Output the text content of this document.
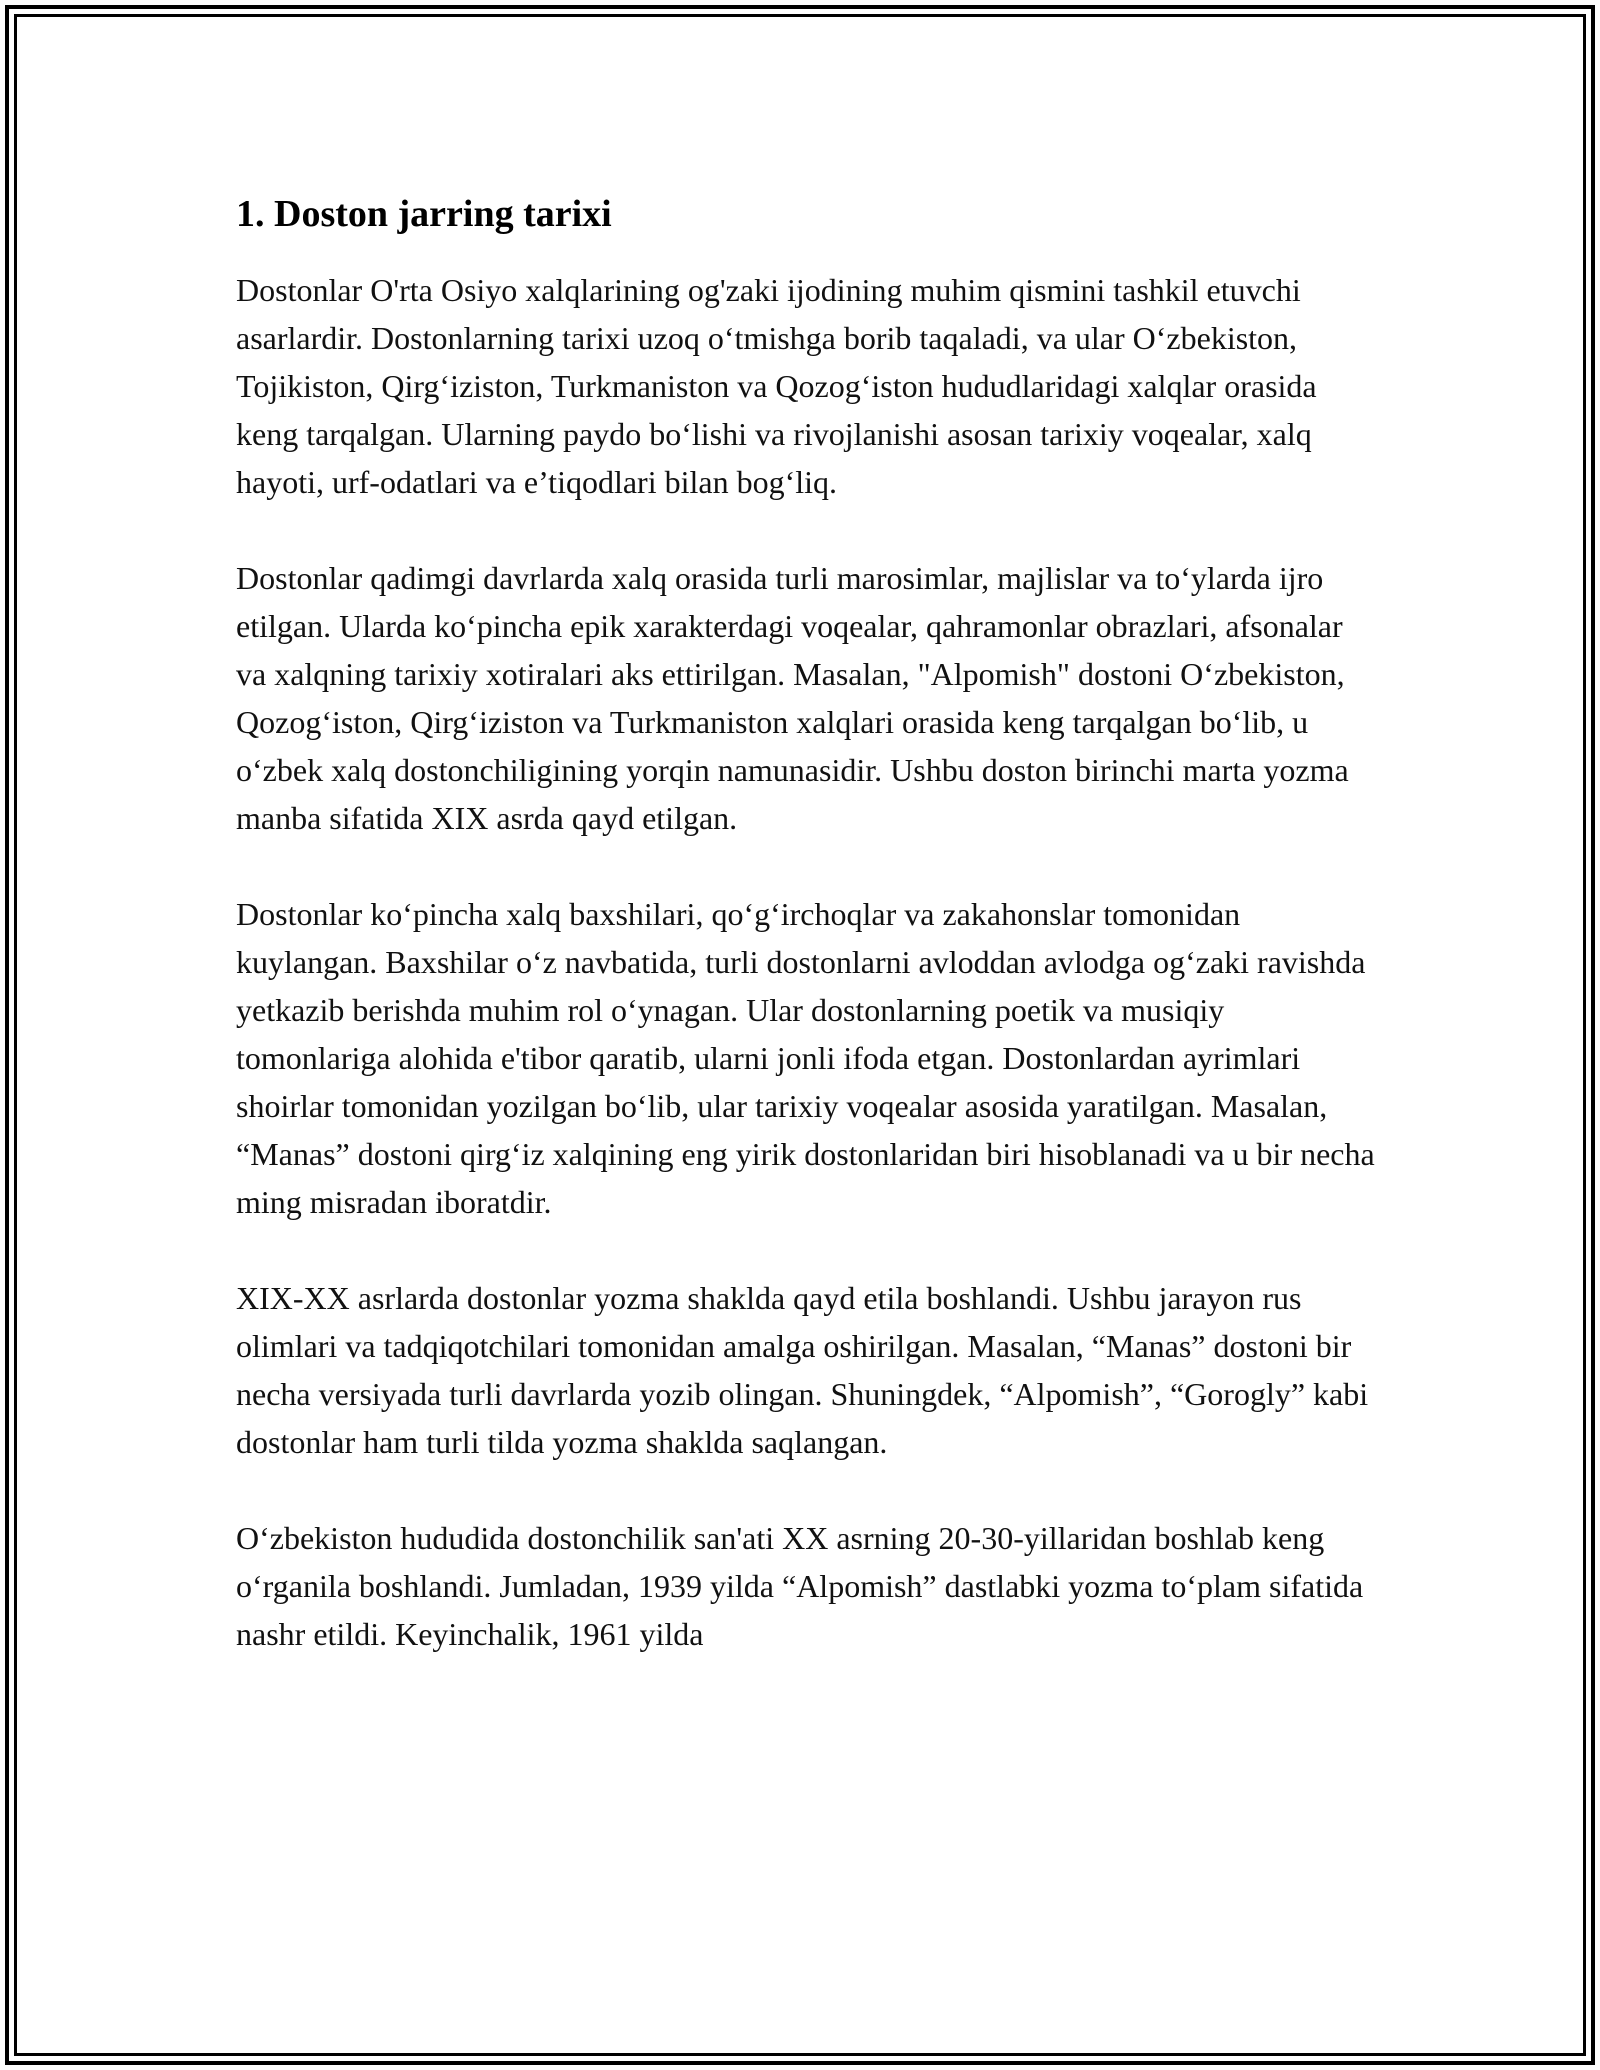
1. Doston jarring tarixi

Dostonlar O'rta Osiyo xalqlarining og'zaki ijodining muhim qismini tashkil etuvchi asarlardir. Dostonlarning tarixi uzoq o‘tmishga borib taqaladi, va ular O‘zbekiston, Tojikiston, Qirg‘iziston, Turkmaniston va Qozog‘iston hududlaridagi xalqlar orasida keng tarqalgan. Ularning paydo bo‘lishi va rivojlanishi asosan tarixiy voqealar, xalq hayoti, urf-odatlari va e’tiqodlari bilan bog‘liq.

Dostonlar qadimgi davrlarda xalq orasida turli marosimlar, majlislar va to‘ylarda ijro etilgan. Ularda ko‘pincha epik xarakterdagi voqealar, qahramonlar obrazlari, afsonalar va xalqning tarixiy xotiralari aks ettirilgan. Masalan, "Alpomish" dostoni O‘zbekiston, Qozog‘iston, Qirg‘iziston va Turkmaniston xalqlari orasida keng tarqalgan bo‘lib, u o‘zbek xalq dostonchiligining yorqin namunasidir. Ushbu doston birinchi marta yozma manba sifatida XIX asrda qayd etilgan.

Dostonlar ko‘pincha xalq baxshilari, qo‘g‘irchoqlar va zakahonslar tomonidan kuylangan. Baxshilar o‘z navbatida, turli dostonlarni avloddan avlodga og‘zaki ravishda yetkazib berishda muhim rol o‘ynagan. Ular dostonlarning poetik va musiqiy tomonlariga alohida e'tibor qaratib, ularni jonli ifoda etgan. Dostonlardan ayrimlari shoirlar tomonidan yozilgan bo‘lib, ular tarixiy voqealar asosida yaratilgan. Masalan, “Manas” dostoni qirg‘iz xalqining eng yirik dostonlaridan biri hisoblanadi va u bir necha ming misradan iboratdir.

XIX-XX asrlarda dostonlar yozma shaklda qayd etila boshlandi. Ushbu jarayon rus olimlari va tadqiqotchilari tomonidan amalga oshirilgan. Masalan, “Manas” dostoni bir necha versiyada turli davrlarda yozib olingan. Shuningdek, “Alpomish”, “Gorogly” kabi dostonlar ham turli tilda yozma shaklda saqlangan.

O‘zbekiston hududida dostonchilik san'ati XX asrning 20-30-yillaridan boshlab keng o‘rganila boshlandi. Jumladan, 1939 yilda “Alpomish” dastlabki yozma to‘plam sifatida nashr etildi. Keyinchalik, 1961 yilda
